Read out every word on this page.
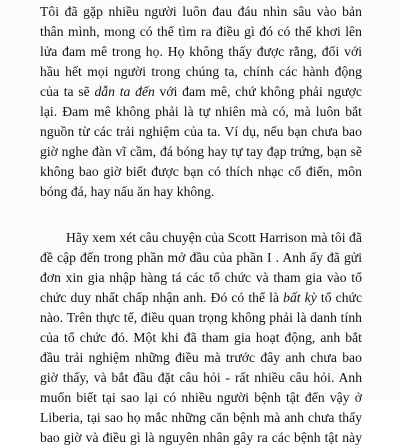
Tôi đã gặp nhiều người luôn đau đáu nhìn sâu vào bản
thân mình, mong có thể tìm ra điều gì đó có thể khơi lên
lửa đam mê trong họ. Họ không thấy được rằng, đối với
hầu hết mọi người trong chúng ta, chính các hành động
của ta sẽ dẫn ta đến với đam mê, chứ không phải ngược
lại. Đam mê không phải là tự nhiên mà có, mà luôn bắt
nguồn từ các trải nghiệm của ta. Ví dụ, nếu bạn chưa bao
giờ nghe đàn vĩ cầm, đá bóng hay tự tay đạp trứng, bạn sẽ
không bao giờ biết được bạn có thích nhạc cổ điển, môn
bóng đá, hay nấu ăn hay không.
Hãy xem xét câu chuyện của Scott Harrison mà tôi đã
đề cập đến trong phần mở đầu của phần I . Anh ấy đã gửi
đơn xin gia nhập hàng tá các tổ chức và tham gia vào tổ
chức duy nhất chấp nhận anh. Đó có thể là bất kỳ tổ chức
nào. Trên thực tế, điều quan trọng không phải là danh tính
của tổ chức đó. Một khi đã tham gia hoạt động, anh bắt
đầu trải nghiệm những điều mà trước đây anh chưa bao
giờ thấy, và bắt đầu đặt câu hỏi - rất nhiều câu hỏi. Anh
muốn biết tại sao lại có nhiều người bệnh tật đến vậy ở
Liberia, tại sao họ mắc những căn bệnh mà anh chưa thấy
bao giờ và điều gì là nguyên nhân gây ra các bệnh tật này
